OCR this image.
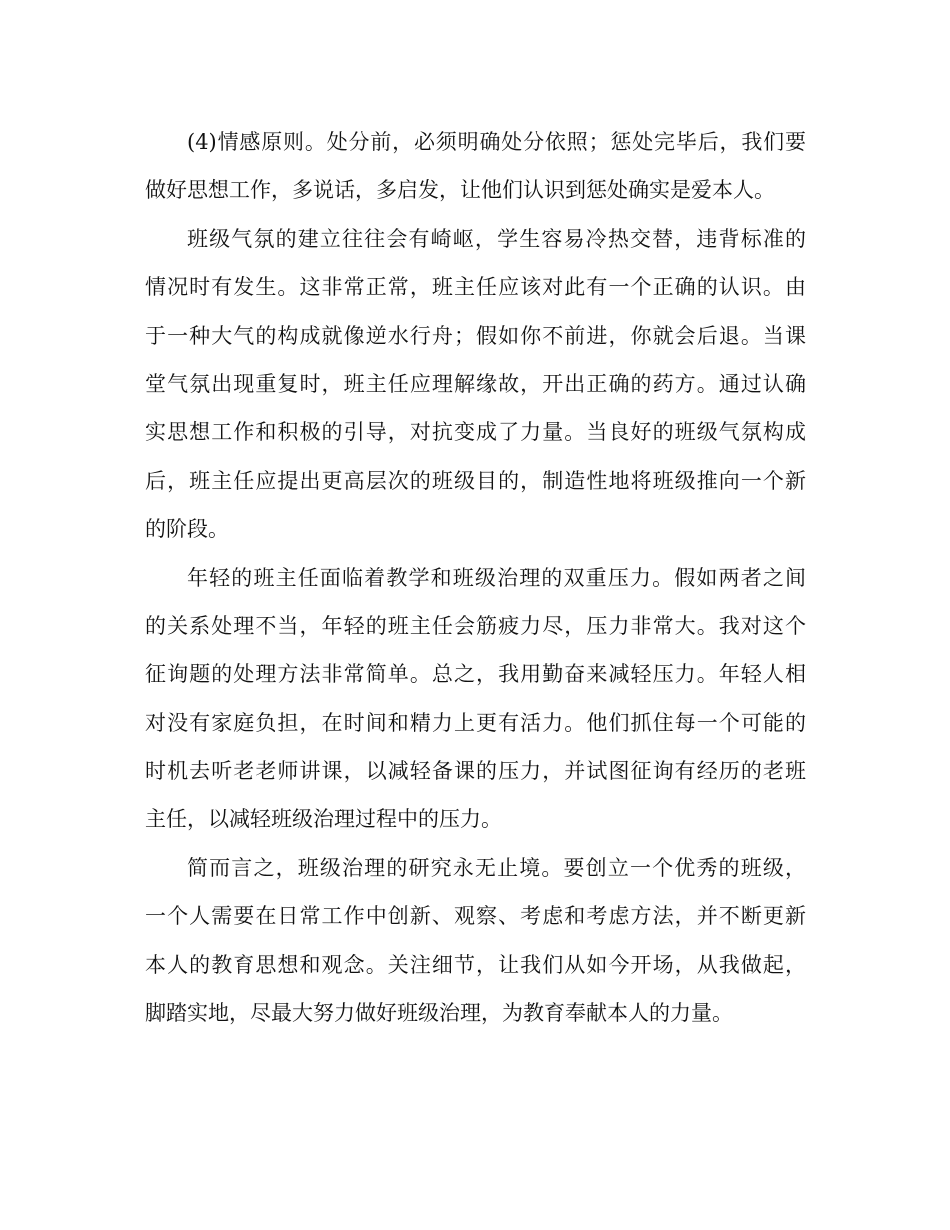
(4)情感原则。处分前，必须明确处分依照；惩处完毕后，我们要
做好思想工作，多说话，多启发，让他们认识到惩处确实是爱本人。
班级气氛的建立往往会有崎岖，学生容易冷热交替，违背标准的
情况时有发生。这非常正常，班主任应该对此有一个正确的认识。由
于一种大气的构成就像逆水行舟；假如你不前进，你就会后退。当课
堂气氛出现重复时，班主任应理解缘故，开出正确的药方。通过认确
实思想工作和积极的引导，对抗变成了力量。当良好的班级气氛构成
后，班主任应提出更高层次的班级目的，制造性地将班级推向一个新
的阶段。
年轻的班主任面临着教学和班级治理的双重压力。假如两者之间
的关系处理不当，年轻的班主任会筋疲力尽，压力非常大。我对这个
征询题的处理方法非常简单。总之，我用勤奋来减轻压力。年轻人相
对没有家庭负担，在时间和精力上更有活力。他们抓住每一个可能的
时机去听老老师讲课，以减轻备课的压力，并试图征询有经历的老班
主任，以减轻班级治理过程中的压力。
简而言之，班级治理的研究永无止境。要创立一个优秀的班级，
一个人需要在日常工作中创新、观察、考虑和考虑方法，并不断更新
本人的教育思想和观念。关注细节，让我们从如今开场，从我做起，
脚踏实地，尽最大努力做好班级治理，为教育奉献本人的力量。
